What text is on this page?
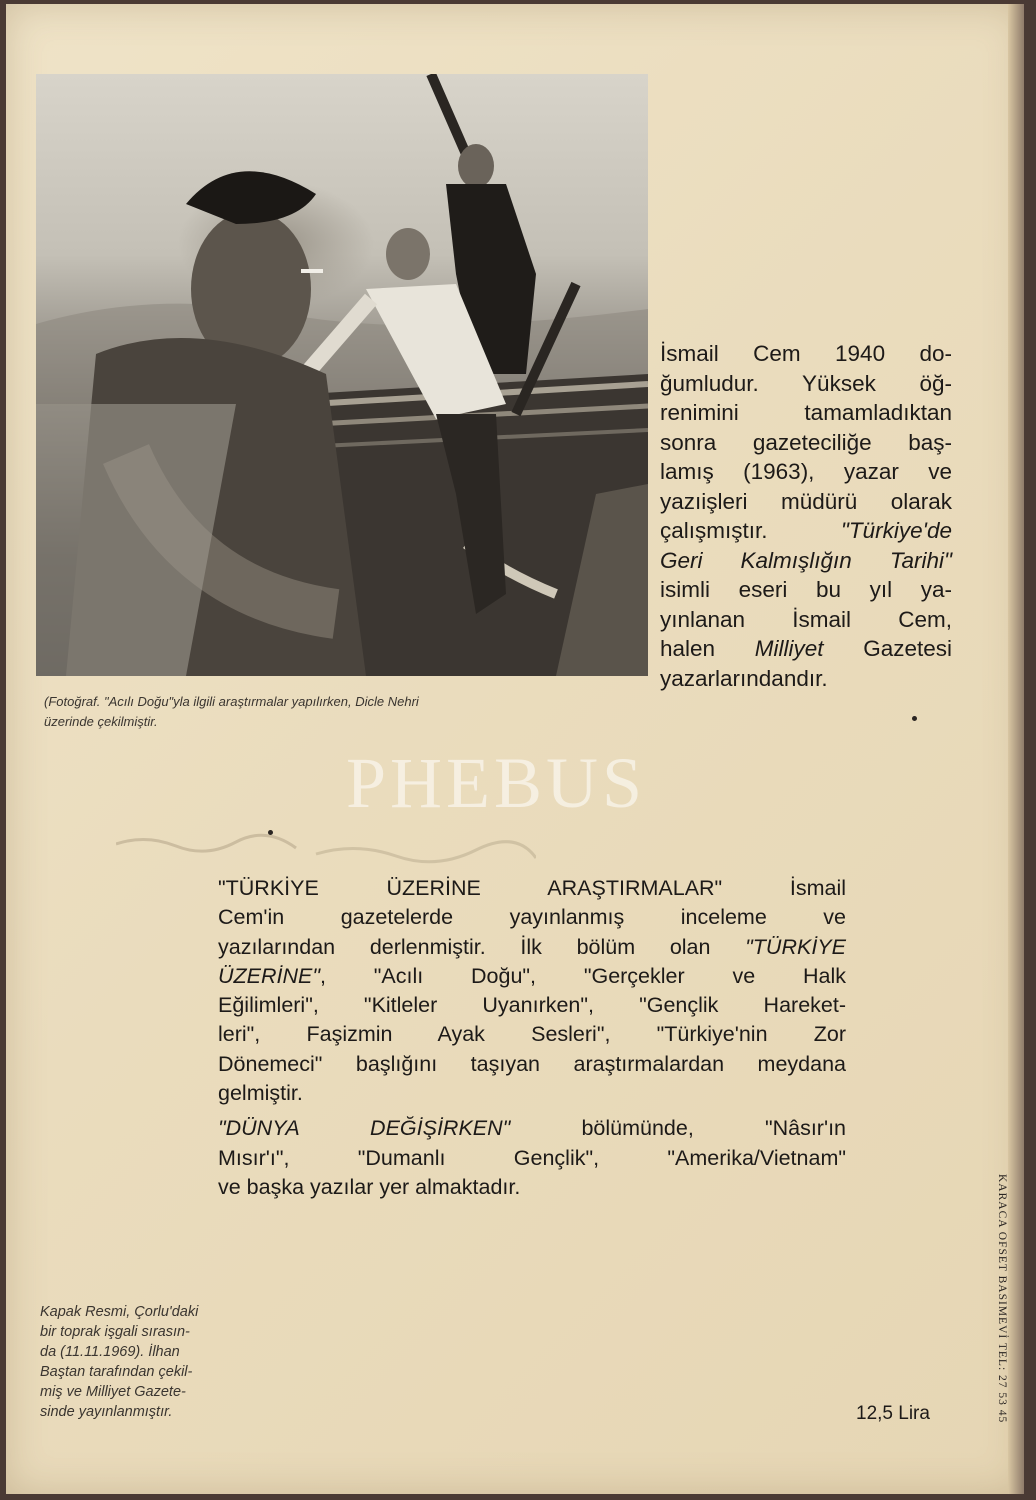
(Fotoğraf. "Acılı Doğu"yla ilgili araştırmalar yapılırken, Dicle Nehri
üzerinde çekilmiştir.
İsmail Cem 1940 do-
ğumludur. Yüksek öğ-
renimini tamamladıktan
sonra gazeteciliğe baş-
lamış (1963), yazar ve
yazıişleri müdürü olarak
çalışmıştır. "Türkiye'de
Geri Kalmışlığın Tarihi"
isimli eseri bu yıl ya-
yınlanan İsmail Cem,
halen Milliyet Gazetesi
yazarlarındandır.
PHEBUS
"TÜRKİYE ÜZERİNE ARAŞTIRMALAR" İsmail
Cem'in gazetelerde yayınlanmış inceleme ve
yazılarından derlenmiştir. İlk bölüm olan "TÜRKİYE
ÜZERİNE", "Acılı Doğu", "Gerçekler ve Halk
Eğilimleri", "Kitleler Uyanırken", "Gençlik Hareket-
leri", Faşizmin Ayak Sesleri", "Türkiye'nin Zor
Dönemeci" başlığını taşıyan araştırmalardan meydana
gelmiştir.
"DÜNYA DEĞİŞİRKEN" bölümünde, "Nâsır'ın
Mısır'ı", "Dumanlı Gençlik", "Amerika/Vietnam"
ve başka yazılar yer almaktadır.
Kapak Resmi, Çorlu'daki
bir toprak işgali sırasın-
da (11.11.1969). İlhan
Baştan tarafından çekil-
miş ve Milliyet Gazete-
sinde yayınlanmıştır.	12,5 Lira	KARACA OFSET BASIMEVİ TEL: 27 53 45
